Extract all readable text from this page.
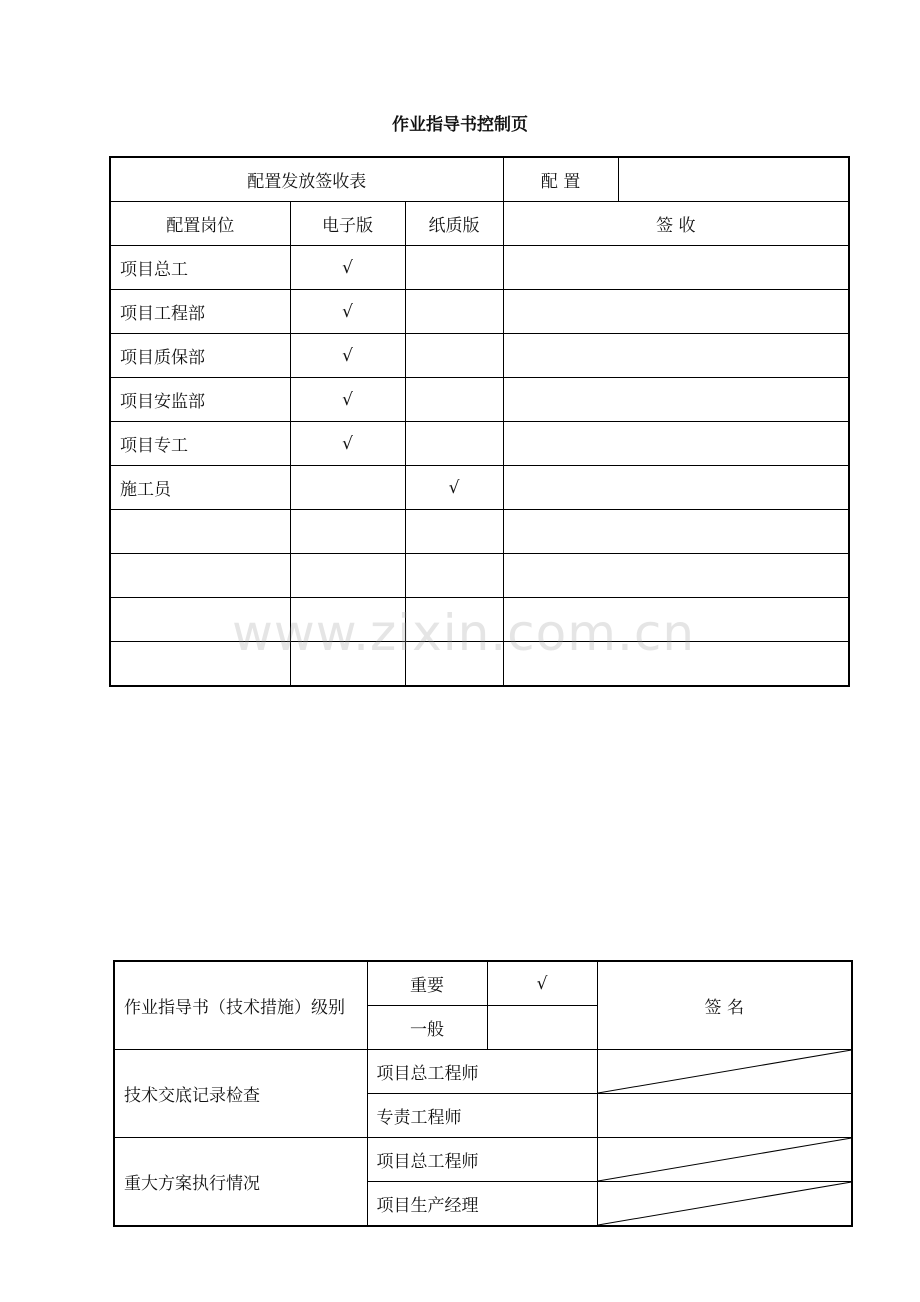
作业指导书控制页
配置发放签收表			配 置	
配置岗位	电子版	纸质版	签 收	
项目总工	√			
项目工程部	√			
项目质保部	√			
项目安监部	√			
项目专工	√			
施工员		√		

www.zixin.com.cn
作业指导书（技术措施）级别	重要	√	签 名
	一般		
技术交底记录检查	项目总工程师	

	专责工程师		
重大方案执行情况	项目总工程师	

	项目生产经理	
